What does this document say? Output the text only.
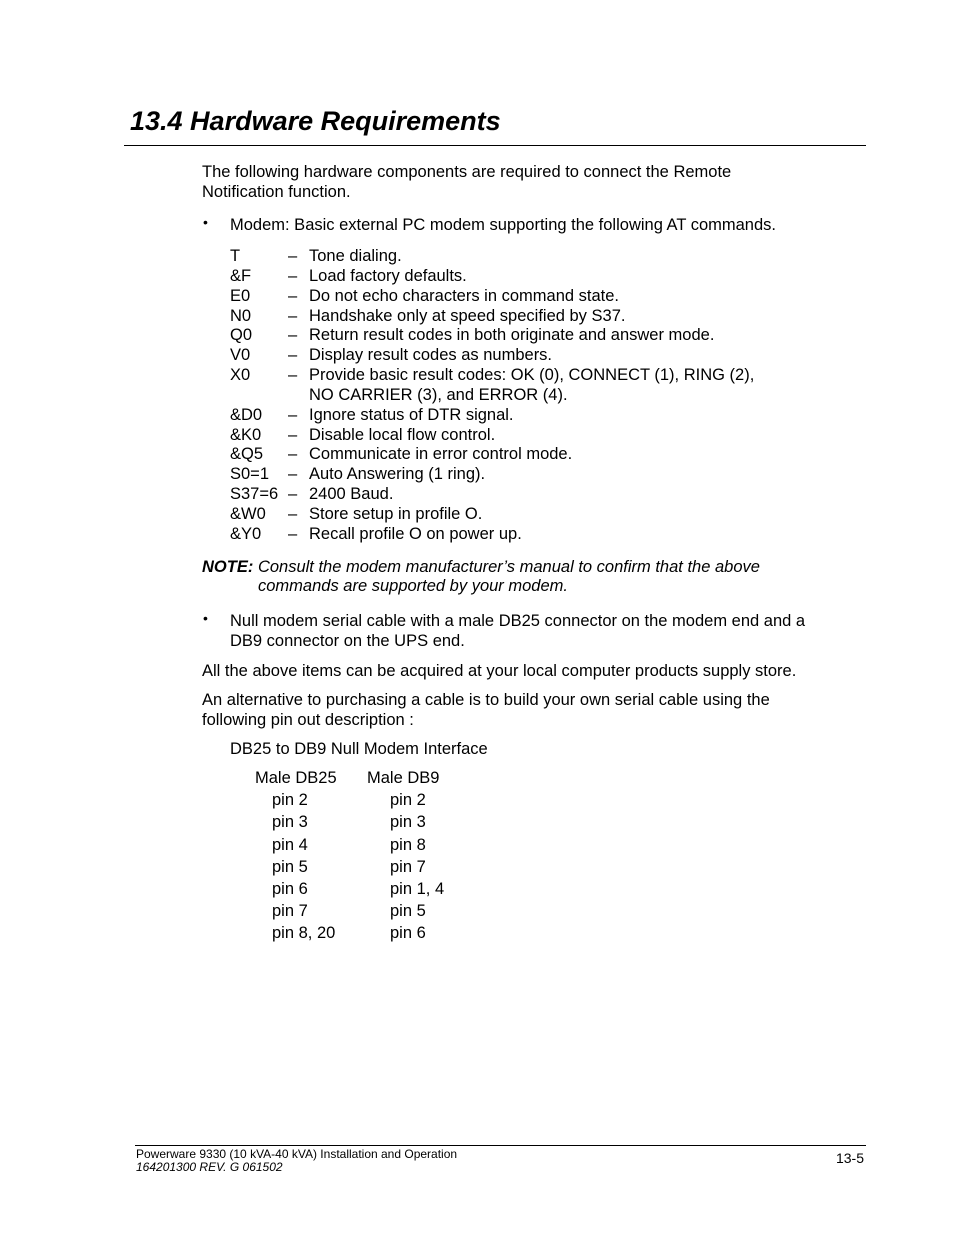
13.4 Hardware Requirements
The following hardware components are required to connect the Remote
Notification function.
• Modem: Basic external PC modem supporting the following AT commands.
T	– Tone dialing.
&F – Load factory defaults.
E0 – Do not echo characters in command state.
N0 – Handshake only at speed specified by S37.
Q0 – Return result codes in both originate and answer mode.
V0 – Display result codes as numbers.
X0 – Provide basic result codes: OK (0), CONNECT (1), RING (2),
NO CARRIER (3), and ERROR (4).
&D0 – Ignore status of DTR signal.
&K0 – Disable local flow control.
&Q5 – Communicate in error control mode.
S0=1 – Auto Answering (1 ring).
S37=6 – 2400 Baud.
&W0 – Store setup in profile O.
&Y0 – Recall profile O on power up.
NOTE: Consult the modem manufacturer’s manual to confirm that the above
commands are supported by your modem.
• Null modem serial cable with a male DB25 connector on the modem end and a
DB9 connector on the UPS end.
All the above items can be acquired at your local computer products supply store.
An alternative to purchasing a cable is to build your own serial cable using the
following pin out description :
DB25 to DB9 Null Modem Interface
Male DB25 Male DB9
pin 2	pin 2
pin 3	pin 3
pin 4	pin 8
pin 5	pin 7
pin 6	pin 1, 4
pin 7	pin 5
pin 8, 20	pin 6
Powerware 9330 (10 kVA-40 kVA) Installation and Operation
164201300 REV. G 061502
13-5
